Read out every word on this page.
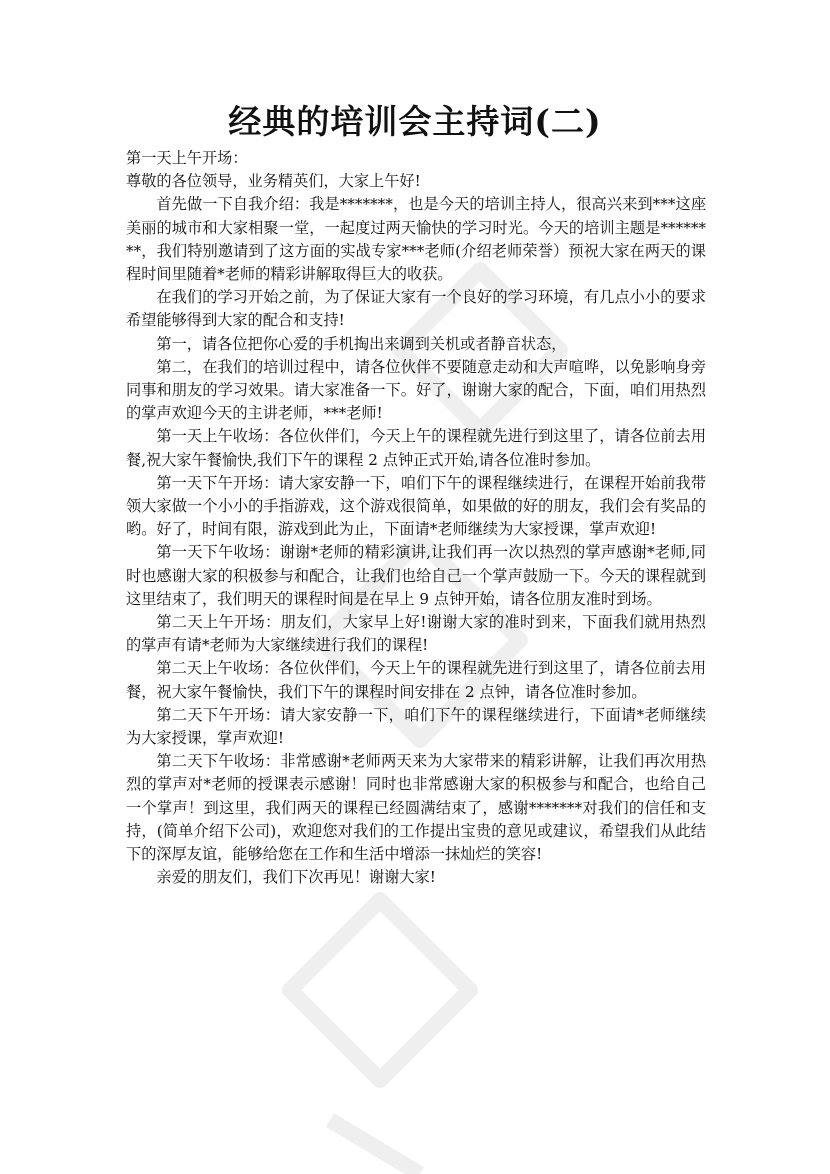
经典的培训会主持词(二)

第一天上午开场：

尊敬的各位领导，业务精英们，大家上午好!

首先做一下自我介绍：我是*******，也是今天的培训主持人，很高兴来到***这座美丽的城市和大家相聚一堂，一起度过两天愉快的学习时光。今天的培训主题是********，我们特别邀请到了这方面的实战专家***老师(介绍老师荣誉）预祝大家在两天的课程时间里随着*老师的精彩讲解取得巨大的收获。

在我们的学习开始之前，为了保证大家有一个良好的学习环境，有几点小小的要求希望能够得到大家的配合和支持!

第一，请各位把你心爱的手机掏出来调到关机或者静音状态，

第二，在我们的培训过程中，请各位伙伴不要随意走动和大声喧哗，以免影响身旁同事和朋友的学习效果。请大家准备一下。好了，谢谢大家的配合，下面，咱们用热烈的掌声欢迎今天的主讲老师，***老师!

第一天上午收场：各位伙伴们，今天上午的课程就先进行到这里了，请各位前去用餐,祝大家午餐愉快,我们下午的课程 2 点钟正式开始,请各位准时参加。

第一天下午开场：请大家安静一下，咱们下午的课程继续进行，在课程开始前我带领大家做一个小小的手指游戏，这个游戏很简单，如果做的好的朋友，我们会有奖品的哟。好了，时间有限，游戏到此为止，下面请*老师继续为大家授课，掌声欢迎!

第一天下午收场：谢谢*老师的精彩演讲,让我们再一次以热烈的掌声感谢*老师,同时也感谢大家的积极参与和配合，让我们也给自己一个掌声鼓励一下。今天的课程就到这里结束了，我们明天的课程时间是在早上 9 点钟开始，请各位朋友准时到场。

第二天上午开场：朋友们，大家早上好!谢谢大家的准时到来，下面我们就用热烈的掌声有请*老师为大家继续进行我们的课程!

第二天上午收场：各位伙伴们，今天上午的课程就先进行到这里了，请各位前去用餐，祝大家午餐愉快，我们下午的课程时间安排在 2 点钟，请各位准时参加。

第二天下午开场：请大家安静一下，咱们下午的课程继续进行，下面请*老师继续为大家授课，掌声欢迎!

第二天下午收场：非常感谢*老师两天来为大家带来的精彩讲解，让我们再次用热烈的掌声对*老师的授课表示感谢！同时也非常感谢大家的积极参与和配合，也给自己一个掌声！到这里，我们两天的课程已经圆满结束了，感谢*******对我们的信任和支持，(简单介绍下公司)，欢迎您对我们的工作提出宝贵的意见或建议，希望我们从此结下的深厚友谊，能够给您在工作和生活中增添一抹灿烂的笑容!

亲爱的朋友们，我们下次再见！谢谢大家!
